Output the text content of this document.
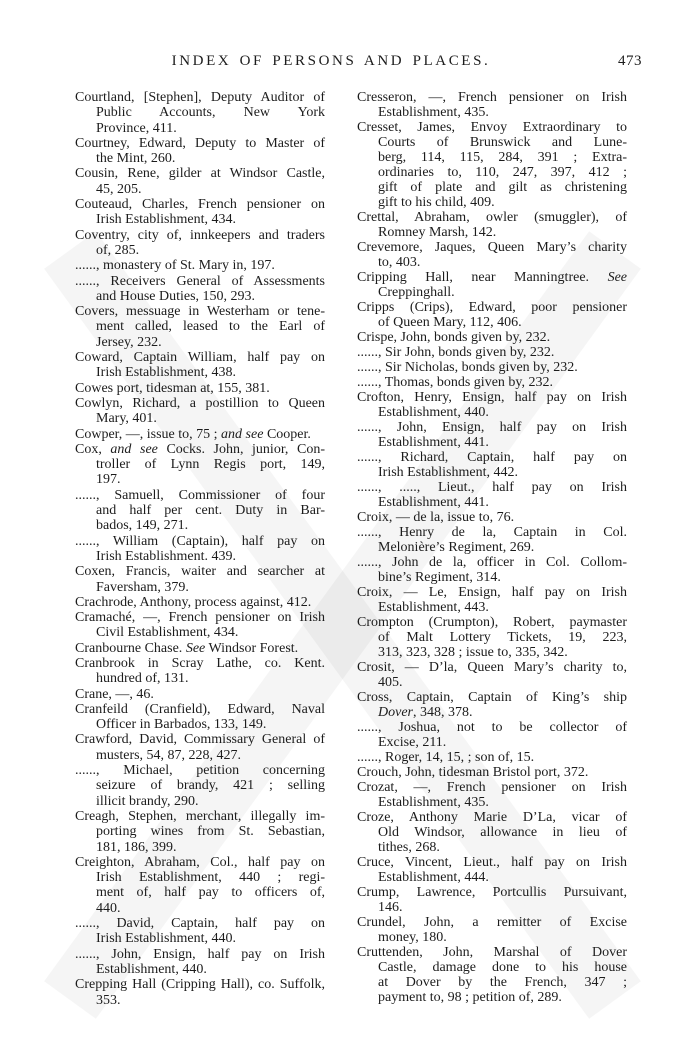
INDEX OF PERSONS AND PLACES.	473
Courtland, [Stephen], Deputy Auditor of
Public Accounts, New York
Province, 411.
Courtney, Edward, Deputy to Master of
the Mint, 260.
Cousin, Rene, gilder at Windsor Castle,
45, 205.
Couteaud, Charles, French pensioner on
Irish Establishment, 434.
Coventry, city of, innkeepers and traders
of, 285.
......, monastery of St. Mary in, 197.
......, Receivers General of Assessments
and House Duties, 150, 293.
Covers, messuage in Westerham or tene-
ment called, leased to the Earl of
Jersey, 232.
Coward, Captain William, half pay on
Irish Establishment, 438.
Cowes port, tidesman at, 155, 381.
Cowlyn, Richard, a postillion to Queen
Mary, 401.
Cowper, —, issue to, 75 ; and see Cooper.
Cox, and see Cocks. John, junior, Con-
troller of Lynn Regis port, 149,
197.
......, Samuell, Commissioner of four
and half per cent. Duty in Bar-
bados, 149, 271.
......, William (Captain), half pay on
Irish Establishment. 439.
Coxen, Francis, waiter and searcher at
Faversham, 379.
Crachrode, Anthony, process against, 412.
Cramaché, —, French pensioner on Irish
Civil Establishment, 434.
Cranbourne Chase. See Windsor Forest.
Cranbrook in Scray Lathe, co. Kent.
hundred of, 131.
Crane, —, 46.
Cranfeild (Cranfield), Edward, Naval
Officer in Barbados, 133, 149.
Crawford, David, Commissary General of
musters, 54, 87, 228, 427.
......, Michael, petition concerning
seizure of brandy, 421 ; selling
illicit brandy, 290.
Creagh, Stephen, merchant, illegally im-
porting wines from St. Sebastian,
181, 186, 399.
Creighton, Abraham, Col., half pay on
Irish Establishment, 440 ; regi-
ment of, half pay to officers of,
440.
......, David, Captain, half pay on
Irish Establishment, 440.
......, John, Ensign, half pay on Irish
Establishment, 440.
Crepping Hall (Cripping Hall), co. Suffolk,
353.
Cresseron, —, French pensioner on Irish
Establishment, 435.
Cresset, James, Envoy Extraordinary to
Courts of Brunswick and Lune-
berg, 114, 115, 284, 391 ; Extra-
ordinaries to, 110, 247, 397, 412 ;
gift of plate and gilt as christening
gift to his child, 409.
Crettal, Abraham, owler (smuggler), of
Romney Marsh, 142.
Crevemore, Jaques, Queen Mary’s charity
to, 403.
Cripping Hall, near Manningtree. See
Creppinghall.
Cripps (Crips), Edward, poor pensioner
of Queen Mary, 112, 406.
Crispe, John, bonds given by, 232.
......, Sir John, bonds given by, 232.
......, Sir Nicholas, bonds given by, 232.
......, Thomas, bonds given by, 232.
Crofton, Henry, Ensign, half pay on Irish
Establishment, 440.
......, John, Ensign, half pay on Irish
Establishment, 441.
......, Richard, Captain, half pay on
Irish Establishment, 442.
......, ....., Lieut., half pay on Irish
Establishment, 441.
Croix, — de la, issue to, 76.
......, Henry de la, Captain in Col.
Melonière’s Regiment, 269.
......, John de la, officer in Col. Collom-
bine’s Regiment, 314.
Croix, — Le, Ensign, half pay on Irish
Establishment, 443.
Crompton (Crumpton), Robert, paymaster
of Malt Lottery Tickets, 19, 223,
313, 323, 328 ; issue to, 335, 342.
Crosit, — D’la, Queen Mary’s charity to,
405.
Cross, Captain, Captain of King’s ship
Dover, 348, 378.
......, Joshua, not to be collector of
Excise, 211.
......, Roger, 14, 15, ; son of, 15.
Crouch, John, tidesman Bristol port, 372.
Crozat, —, French pensioner on Irish
Establishment, 435.
Croze, Anthony Marie D’La, vicar of
Old Windsor, allowance in lieu of
tithes, 268.
Cruce, Vincent, Lieut., half pay on Irish
Establishment, 444.
Crump, Lawrence, Portcullis Pursuivant,
146.
Crundel, John, a remitter of Excise
money, 180.
Cruttenden, John, Marshal of Dover
Castle, damage done to his house
at Dover by the French, 347 ;
payment to, 98 ; petition of, 289.
